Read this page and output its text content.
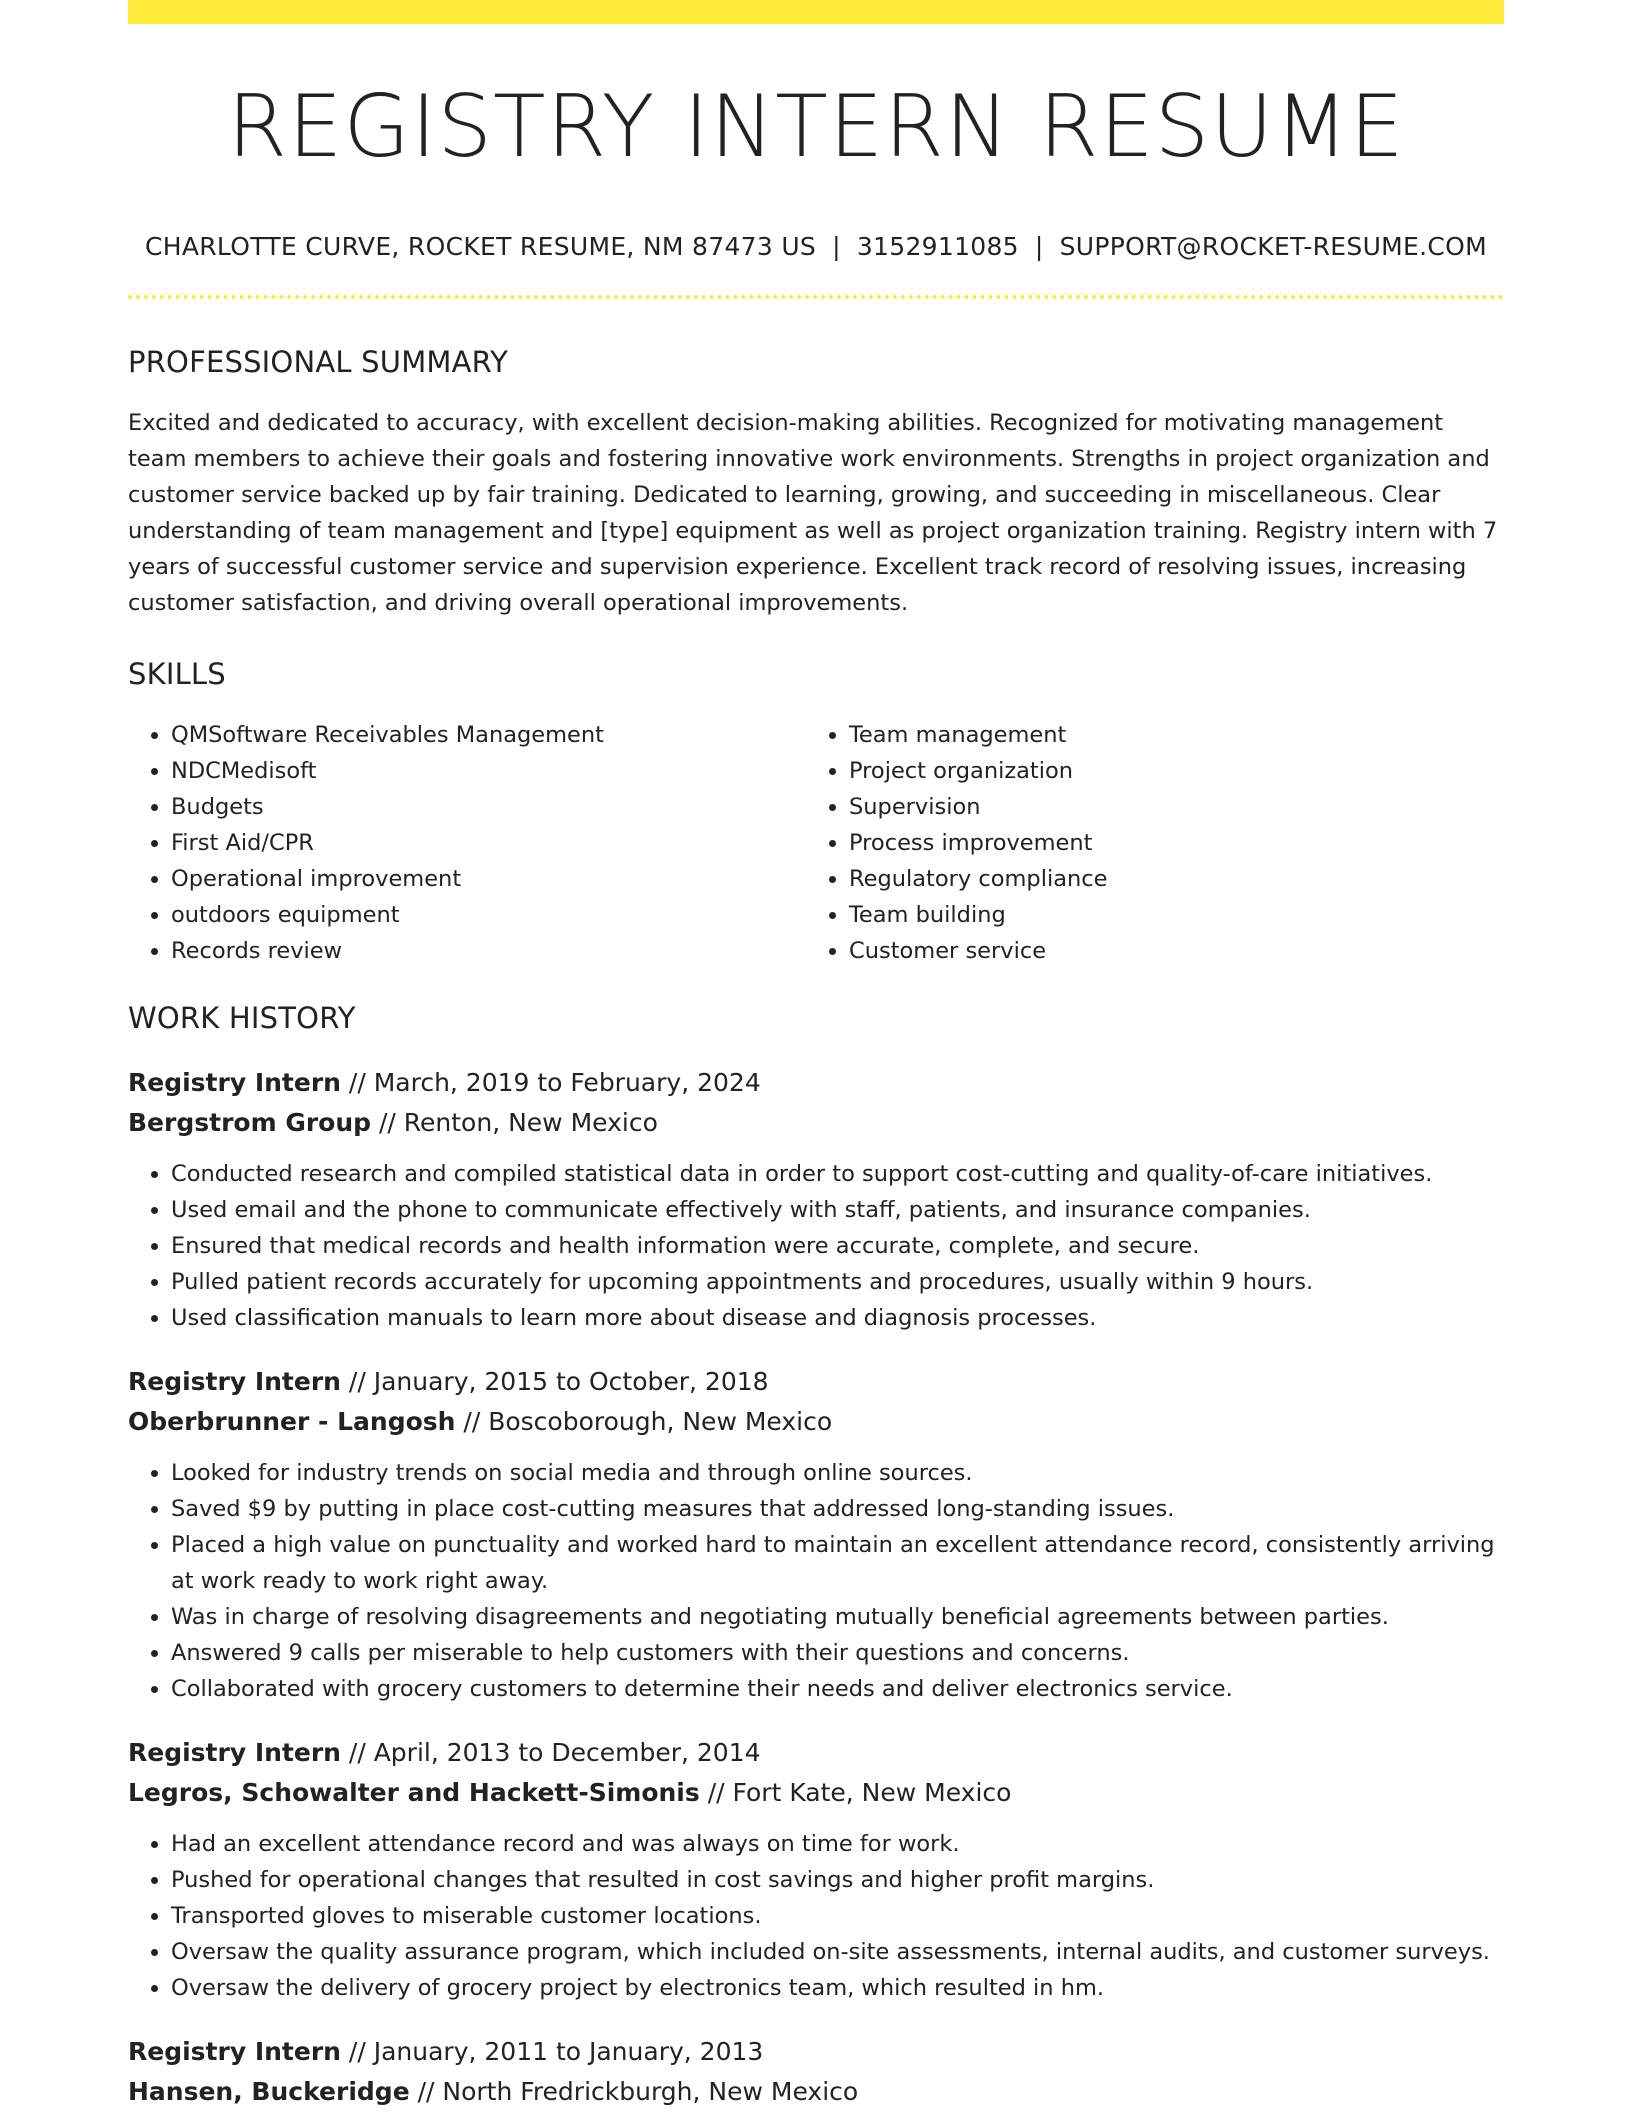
REGISTRY INTERN RESUME
CHARLOTTE CURVE, ROCKET RESUME, NM 87473 US | 3152911085 | SUPPORT@ROCKET-RESUME.COM
PROFESSIONAL SUMMARY
Excited and dedicated to accuracy, with excellent decision-making abilities. Recognized for motivating management team members to achieve their goals and fostering innovative work environments. Strengths in project organization and customer service backed up by fair training. Dedicated to learning, growing, and succeeding in miscellaneous. Clear understanding of team management and [type] equipment as well as project organization training. Registry intern with 7 years of successful customer service and supervision experience. Excellent track record of resolving issues, increasing customer satisfaction, and driving overall operational improvements.
SKILLS
• QMSoftware Receivables Management
• NDCMedisoft
• Budgets
• First Aid/CPR
• Operational improvement
• outdoors equipment
• Records review
• Team management
• Project organization
• Supervision
• Process improvement
• Regulatory compliance
• Team building
• Customer service
WORK HISTORY
Registry Intern // March, 2019 to February, 2024
Bergstrom Group // Renton, New Mexico
• Conducted research and compiled statistical data in order to support cost-cutting and quality-of-care initiatives.
• Used email and the phone to communicate effectively with staff, patients, and insurance companies.
• Ensured that medical records and health information were accurate, complete, and secure.
• Pulled patient records accurately for upcoming appointments and procedures, usually within 9 hours.
• Used classification manuals to learn more about disease and diagnosis processes.
Registry Intern // January, 2015 to October, 2018
Oberbrunner - Langosh // Boscoborough, New Mexico
• Looked for industry trends on social media and through online sources.
• Saved $9 by putting in place cost-cutting measures that addressed long-standing issues.
• Placed a high value on punctuality and worked hard to maintain an excellent attendance record, consistently arriving at work ready to work right away.
• Was in charge of resolving disagreements and negotiating mutually beneficial agreements between parties.
• Answered 9 calls per miserable to help customers with their questions and concerns.
• Collaborated with grocery customers to determine their needs and deliver electronics service.
Registry Intern // April, 2013 to December, 2014
Legros, Schowalter and Hackett-Simonis // Fort Kate, New Mexico
• Had an excellent attendance record and was always on time for work.
• Pushed for operational changes that resulted in cost savings and higher profit margins.
• Transported gloves to miserable customer locations.
• Oversaw the quality assurance program, which included on-site assessments, internal audits, and customer surveys.
• Oversaw the delivery of grocery project by electronics team, which resulted in hm.
Registry Intern // January, 2011 to January, 2013
Hansen, Buckeridge // North Fredrickburgh, New Mexico
